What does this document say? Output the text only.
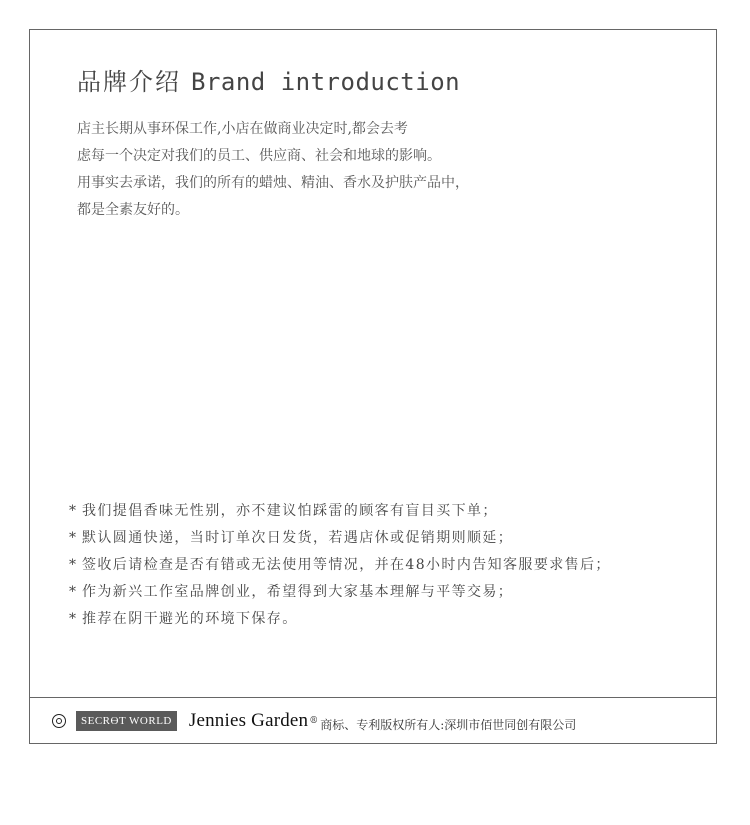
品牌介绍 Brand introduction
店主长期从事环保工作,小店在做商业决定时,都会去考
虑每一个决定对我们的员工、供应商、社会和地球的影响。
用事实去承诺，我们的所有的蜡烛、精油、香水及护肤产品中，
都是全素友好的。
* 我们提倡香味无性别，亦不建议怕踩雷的顾客有盲目买下单；
* 默认圆通快递，当时订单次日发货，若遇店休或促销期则顺延；
* 签收后请检查是否有错或无法使用等情况，并在48小时内告知客服要求售后；
* 作为新兴工作室品牌创业，希望得到大家基本理解与平等交易；
* 推荐在阴干避光的环境下保存。
SECRƟT WORLD Jennies Garden ® 商标、专利版权所有人:深圳市佰世同创有限公司
